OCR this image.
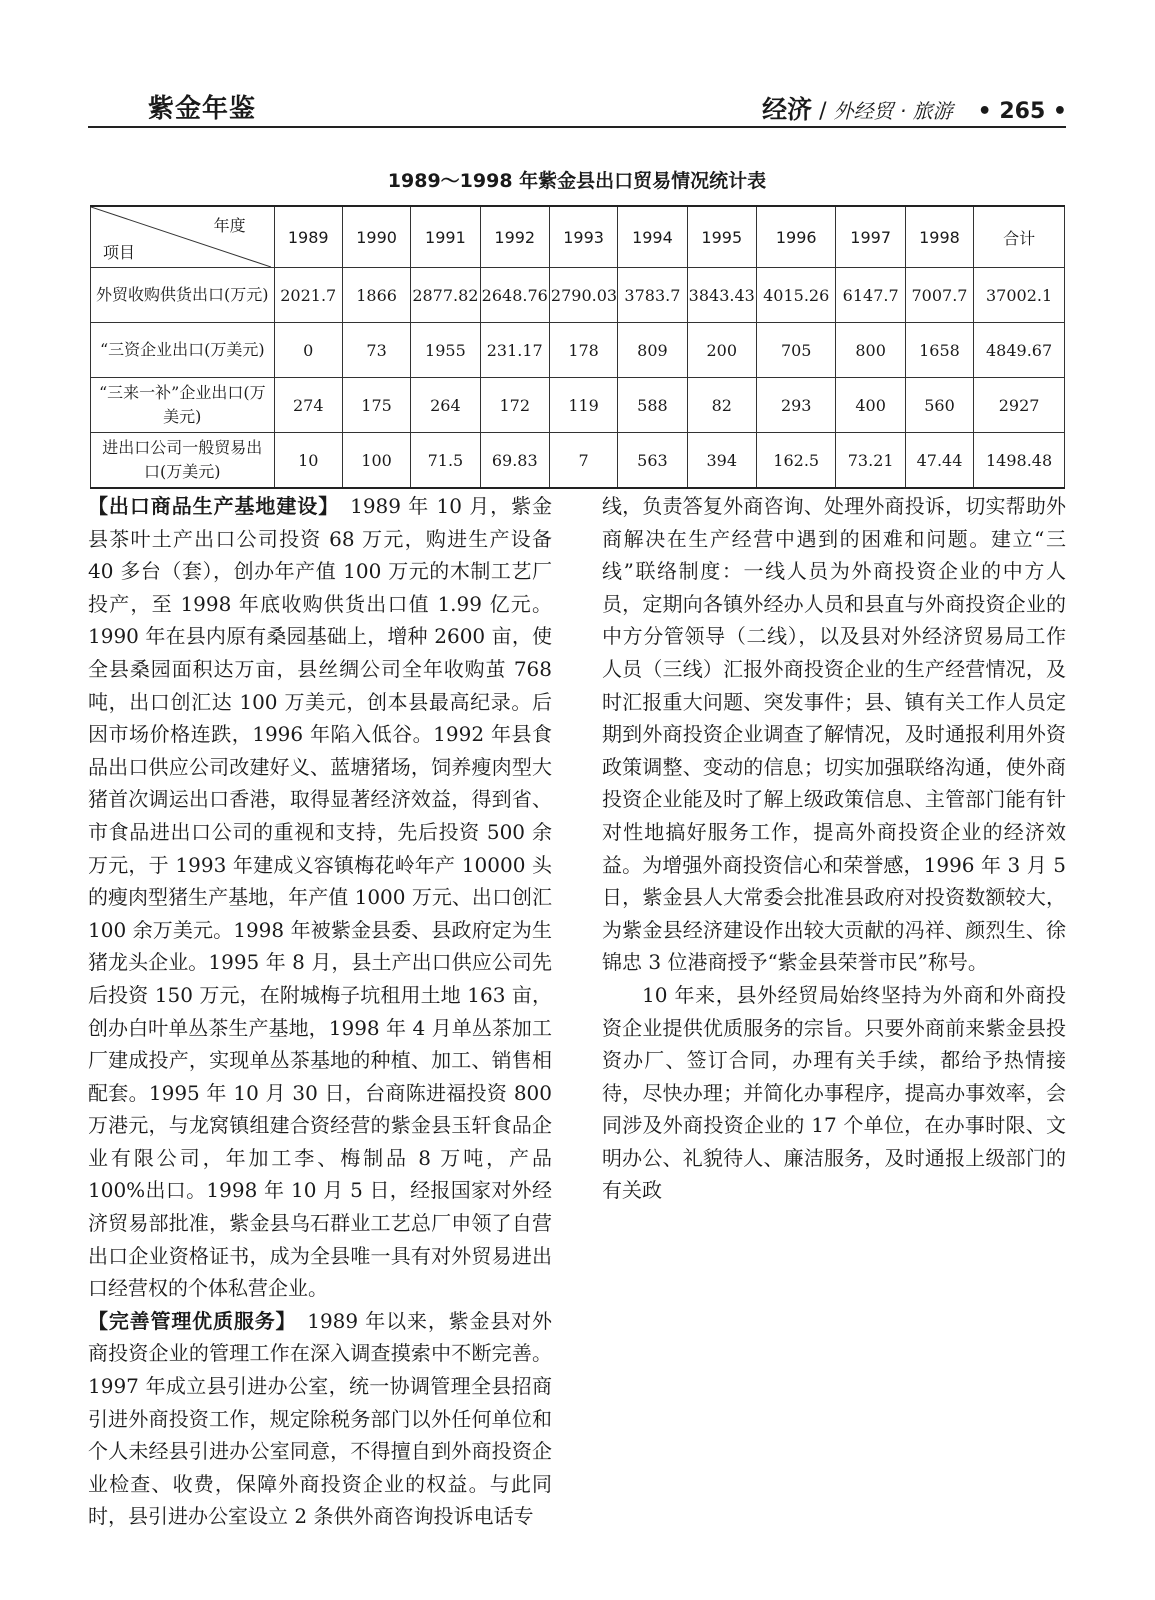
紫金年鉴	经济 / 外经贸 · 旅游 • 265 •
1989～1998 年紫金县出口贸易情况统计表
年度
项目	1989	1990	1991	1992	1993	1994	1995	1996	1997	1998	合计
外贸收购供货出口(万元)	2021.7	1866	2877.82	2648.76	2790.03	3783.7	3843.43	4015.26	6147.7	7007.7	37002.1
“三资企业出口(万美元)	0	73	1955	231.17	178	809	200	705	800	1658	4849.67
“三来一补”企业出口(万美元)	274	175	264	172	119	588	82	293	400	560	2927
进出口公司一般贸易出口(万美元)	10	100	71.5	69.83	7	563	394	162.5	73.21	47.44	1498.48

【出口商品生产基地建设】　 1989 年 10 月，紫金县茶叶土产出口公司投资 68 万元，购进生产设备 40 多台（套），创办年产值 100 万元的木制工艺厂投产，至 1998 年底收购供货出口值 1.99 亿元。1990 年在县内原有桑园基础上，增种 2600 亩，使全县桑园面积达万亩，县丝绸公司全年收购茧 768 吨，出口创汇达 100 万美元，创本县最高纪录。后因市场价格连跌，1996 年陷入低谷。1992 年县食品出口供应公司改建好义、蓝塘猪场，饲养瘦肉型大猪首次调运出口香港，取得显著经济效益，得到省、市食品进出口公司的重视和支持，先后投资 500 余万元，于 1993 年建成义容镇梅花岭年产 10000 头的瘦肉型猪生产基地，年产值 1000 万元、出口创汇 100 余万美元。1998 年被紫金县委、县政府定为生猪龙头企业。1995 年 8 月，县土产出口供应公司先后投资 150 万元，在附城梅子坑租用土地 163 亩，创办白叶单丛茶生产基地，1998 年 4 月单丛茶加工厂建成投产，实现单丛茶基地的种植、加工、销售相配套。1995 年 10 月 30 日，台商陈进福投资 800 万港元，与龙窝镇组建合资经营的紫金县玉轩食品企业有限公司，年加工李、梅制品 8 万吨，产品 100%出口。1998 年 10 月 5 日，经报国家对外经济贸易部批准，紫金县乌石群业工艺总厂申领了自营出口企业资格证书，成为全县唯一具有对外贸易进出口经营权的个体私营企业。

【完善管理优质服务】　 1989 年以来，紫金县对外商投资企业的管理工作在深入调查摸索中不断完善。1997 年成立县引进办公室，统一协调管理全县招商引进外商投资工作，规定除税务部门以外任何单位和个人未经县引进办公室同意，不得擅自到外商投资企业检查、收费，保障外商投资企业的权益。与此同时，县引进办公室设立 2 条供外商咨询投诉电话专

线，负责答复外商咨询、处理外商投诉，切实帮助外商解决在生产经营中遇到的困难和问题。建立“三线”联络制度：一线人员为外商投资企业的中方人员，定期向各镇外经办人员和县直与外商投资企业的中方分管领导（二线），以及县对外经济贸易局工作人员（三线）汇报外商投资企业的生产经营情况，及时汇报重大问题、突发事件；县、镇有关工作人员定期到外商投资企业调查了解情况，及时通报利用外资政策调整、变动的信息；切实加强联络沟通，使外商投资企业能及时了解上级政策信息、主管部门能有针对性地搞好服务工作，提高外商投资企业的经济效益。为增强外商投资信心和荣誉感，1996 年 3 月 5 日，紫金县人大常委会批准县政府对投资数额较大，为紫金县经济建设作出较大贡献的冯祥、颜烈生、徐锦忠 3 位港商授予“紫金县荣誉市民”称号。

10 年来，县外经贸局始终坚持为外商和外商投资企业提供优质服务的宗旨。只要外商前来紫金县投资办厂、签订合同，办理有关手续，都给予热情接待，尽快办理；并简化办事程序，提高办事效率，会同涉及外商投资企业的 17 个单位，在办事时限、文明办公、礼貌待人、廉洁服务，及时通报上级部门的有关政
